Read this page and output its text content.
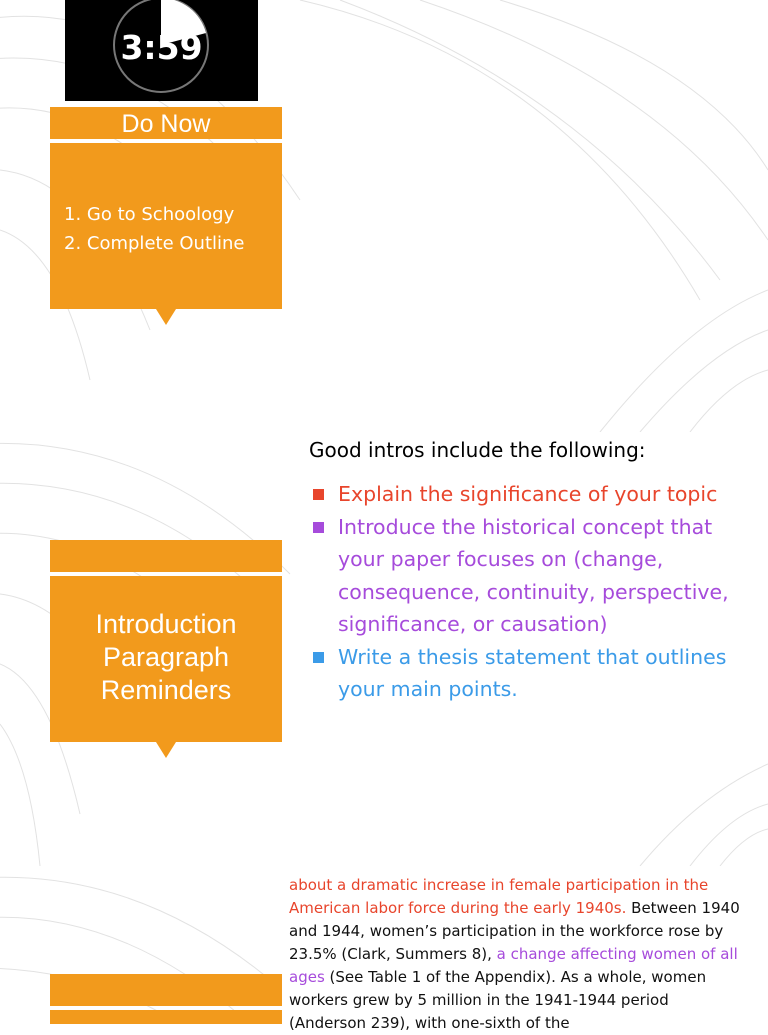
3:59
Do Now
1. Go to Schoology
2. Complete Outline
Introduction
Paragraph
Reminders
Good intros include the following:
Explain the significance of your topic
Introduce the historical concept that your paper focuses on (change, consequence, continuity, perspective, significance, or causation)
Write a thesis statement that outlines your main points.
about a dramatic increase in female participation in the American labor force during the early 1940s. Between 1940 and 1944, women’s participation in the workforce rose by 23.5% (Clark, Summers 8), a change affecting women of all ages (See Table 1 of the Appendix). As a whole, women workers grew by 5 million in the 1941-1944 period (Anderson 239), with one-sixth of the
